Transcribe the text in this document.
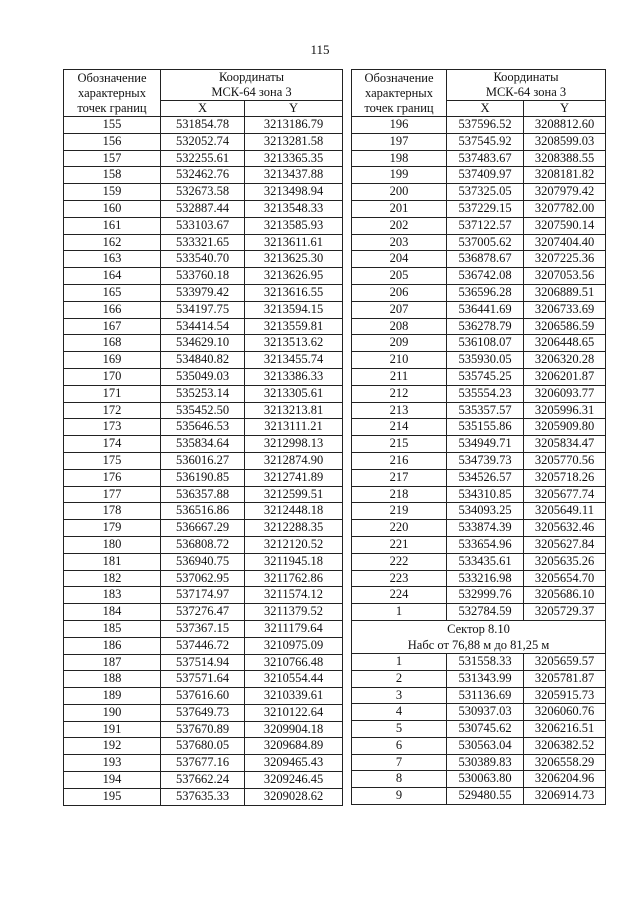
115
Обозначение
характерных
точек границ	Координаты
МСК-64 зона 3	

	X	Y
155	531854.78	3213186.79
156	532052.74	3213281.58
157	532255.61	3213365.35
158	532462.76	3213437.88
159	532673.58	3213498.94
160	532887.44	3213548.33
161	533103.67	3213585.93
162	533321.65	3213611.61
163	533540.70	3213625.30
164	533760.18	3213626.95
165	533979.42	3213616.55
166	534197.75	3213594.15
167	534414.54	3213559.81
168	534629.10	3213513.62
169	534840.82	3213455.74
170	535049.03	3213386.33
171	535253.14	3213305.61
172	535452.50	3213213.81
173	535646.53	3213111.21
174	535834.64	3212998.13
175	536016.27	3212874.90
176	536190.85	3212741.89
177	536357.88	3212599.51
178	536516.86	3212448.18
179	536667.29	3212288.35
180	536808.72	3212120.52
181	536940.75	3211945.18
182	537062.95	3211762.86
183	537174.97	3211574.12
184	537276.47	3211379.52
185	537367.15	3211179.64
186	537446.72	3210975.09
187	537514.94	3210766.48
188	537571.64	3210554.44
189	537616.60	3210339.61
190	537649.73	3210122.64
191	537670.89	3209904.18
192	537680.05	3209684.89
193	537677.16	3209465.43
194	537662.24	3209246.45
195	537635.33	3209028.62
Обозначение
характерных
точек границ	Координаты
МСК-64 зона 3	

	X	Y
196	537596.52	3208812.60
197	537545.92	3208599.03
198	537483.67	3208388.55
199	537409.97	3208181.82
200	537325.05	3207979.42
201	537229.15	3207782.00
202	537122.57	3207590.14
203	537005.62	3207404.40
204	536878.67	3207225.36
205	536742.08	3207053.56
206	536596.28	3206889.51
207	536441.69	3206733.69
208	536278.79	3206586.59
209	536108.07	3206448.65
210	535930.05	3206320.28
211	535745.25	3206201.87
212	535554.23	3206093.77
213	535357.57	3205996.31
214	535155.86	3205909.80
215	534949.71	3205834.47
216	534739.73	3205770.56
217	534526.57	3205718.26
218	534310.85	3205677.74
219	534093.25	3205649.11
220	533874.39	3205632.46
221	533654.96	3205627.84
222	533435.61	3205635.26
223	533216.98	3205654.70
224	532999.76	3205686.10
1	532784.59	3205729.37
Сектор 8.10
Набс от 76,88 м до 81,25 м		
1	531558.33	3205659.57
2	531343.99	3205781.87
3	531136.69	3205915.73
4	530937.03	3206060.76
5	530745.62	3206216.51
6	530563.04	3206382.52
7	530389.83	3206558.29
8	530063.80	3206204.96
9	529480.55	3206914.73
